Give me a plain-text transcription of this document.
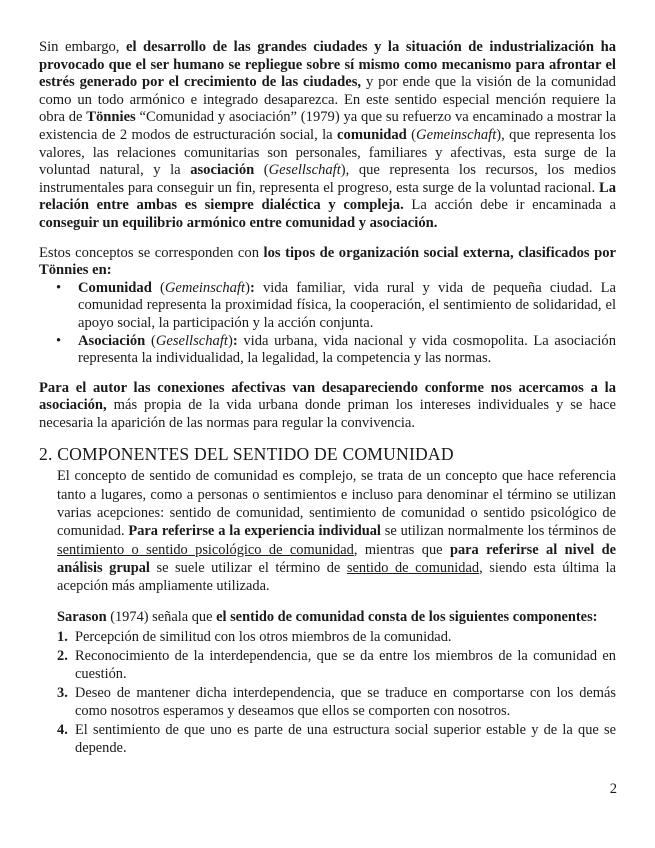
Sin embargo, el desarrollo de las grandes ciudades y la situación de industrialización ha provocado que el ser humano se repliegue sobre sí mismo como mecanismo para afrontar el estrés generado por el crecimiento de las ciudades, y por ende que la visión de la comunidad como un todo armónico e integrado desaparezca. En este sentido especial mención requiere la obra de Tönnies “Comunidad y asociación” (1979) ya que su refuerzo va encaminado a mostrar la existencia de 2 modos de estructuración social, la comunidad (Gemeinschaft), que representa los valores, las relaciones comunitarias son personales, familiares y afectivas, esta surge de la voluntad natural, y la asociación (Gesellschaft), que representa los recursos, los medios instrumentales para conseguir un fin, representa el progreso, esta surge de la voluntad racional. La relación entre ambas es siempre dialéctica y compleja. La acción debe ir encaminada a conseguir un equilibrio armónico entre comunidad y asociación.

Estos conceptos se corresponden con los tipos de organización social externa, clasificados por Tönnies en:

• Comunidad (Gemeinschaft): vida familiar, vida rural y vida de pequeña ciudad. La comunidad representa la proximidad física, la cooperación, el sentimiento de solidaridad, el apoyo social, la participación y la acción conjunta.
• Asociación (Gesellschaft): vida urbana, vida nacional y vida cosmopolita. La asociación representa la individualidad, la legalidad, la competencia y las normas.

Para el autor las conexiones afectivas van desapareciendo conforme nos acercamos a la asociación, más propia de la vida urbana donde priman los intereses individuales y se hace necesaria la aparición de las normas para regular la convivencia.

2. COMPONENTES DEL SENTIDO DE COMUNIDAD

El concepto de sentido de comunidad es complejo, se trata de un concepto que hace referencia tanto a lugares, como a personas o sentimientos e incluso para denominar el término se utilizan varias acepciones: sentido de comunidad, sentimiento de comunidad o sentido psicológico de comunidad. Para referirse a la experiencia individual se utilizan normalmente los términos de sentimiento o sentido psicológico de comunidad, mientras que para referirse al nivel de análisis grupal se suele utilizar el término de sentido de comunidad, siendo esta última la acepción más ampliamente utilizada.

Sarason (1974) señala que el sentido de comunidad consta de los siguientes componentes:

1. Percepción de similitud con los otros miembros de la comunidad.
2. Reconocimiento de la interdependencia, que se da entre los miembros de la comunidad en cuestión.
3. Deseo de mantener dicha interdependencia, que se traduce en comportarse con los demás como nosotros esperamos y deseamos que ellos se comporten con nosotros.
4. El sentimiento de que uno es parte de una estructura social superior estable y de la que se depende.
2
